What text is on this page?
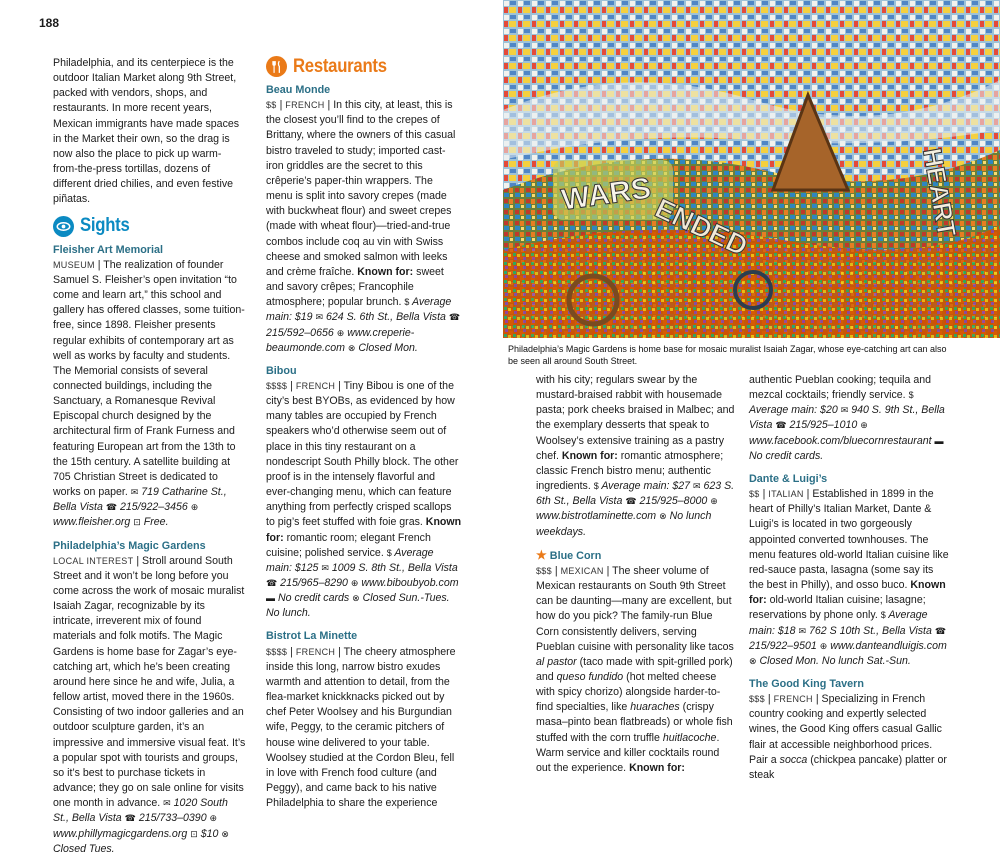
188

Philadelphia, and its centerpiece is the outdoor Italian Market along 9th Street, packed with vendors, shops, and restaurants. In more recent years, Mexican immigrants have made spaces in the Market their own, so the drag is now also the place to pick up warm-from-the-press tortillas, dozens of different dried chilies, and even festive piñatas.

Sights
Fleisher Art Memorial

MUSEUM | The realization of founder Samuel S. Fleisher’s open invitation “to come and learn art,” this school and gallery has offered classes, some tuition-free, since 1898. Fleisher presents regular exhibits of contemporary art as well as works by faculty and students. The Memorial consists of several connected buildings, including the Sanctuary, a Romanesque Revival Episcopal church designed by the architectural firm of Frank Furness and featuring European art from the 13th to the 15th century. A satellite building at 705 Christian Street is dedicated to works on paper. ✉ 719 Catharine St., Bella Vista ☎ 215/922–3456 ⊕ www.fleisher.org ⊡ Free.

Philadelphia’s Magic Gardens

LOCAL INTEREST | Stroll around South Street and it won’t be long before you come across the work of mosaic muralist Isaiah Zagar, recognizable by its intricate, irreverent mix of found materials and folk motifs. The Magic Gardens is home base for Zagar’s eye-catching art, which he’s been creating around here since he and wife, Julia, a fellow artist, moved there in the 1960s. Consisting of two indoor galleries and an outdoor sculpture garden, it’s an impressive and immersive visual feat. It’s a popular spot with tourists and groups, so it’s best to purchase tickets in advance; they go on sale online for visits one month in advance. ✉ 1020 South St., Bella Vista ☎ 215/733–0390 ⊕ www.phillymagicgardens.org ⊡ $10 ⊗ Closed Tues.

Restaurants
Beau Monde

$$ | FRENCH | In this city, at least, this is the closest you’ll find to the crepes of Brittany, where the owners of this casual bistro traveled to study; imported cast-iron griddles are the secret to this crêperie’s paper-thin wrappers. The menu is split into savory crepes (made with buckwheat flour) and sweet crepes (made with wheat flour)—tried-and-true combos include coq au vin with Swiss cheese and smoked salmon with leeks and crème fraîche. Known for: sweet and savory crêpes; Francophile atmosphere; popular brunch. $ Average main: $19 ✉ 624 S. 6th St., Bella Vista ☎ 215/592–0656 ⊕ www.creperie-beaumonde.com ⊗ Closed Mon.

Bibou

$$$$ | FRENCH | Tiny Bibou is one of the city’s best BYOBs, as evidenced by how many tables are occupied by French speakers who’d otherwise seem out of place in this tiny restaurant on a nondescript South Philly block. The other proof is in the intensely flavorful and ever-changing menu, which can feature anything from perfectly crisped scallops to pig’s feet stuffed with foie gras. Known for: romantic room; elegant French cuisine; polished service. $ Average main: $125 ✉ 1009 S. 8th St., Bella Vista ☎ 215/965–8290 ⊕ www.biboubyob.com ▬ No credit cards ⊗ Closed Sun.-Tues. No lunch.

Bistrot La Minette

$$$$ | FRENCH | The cheery atmosphere inside this long, narrow bistro exudes warmth and attention to detail, from the flea-market knickknacks picked out by chef Peter Woolsey and his Burgundian wife, Peggy, to the ceramic pitchers of house wine delivered to your table. Woolsey studied at the Cordon Bleu, fell in love with French food culture (and Peggy), and came back to his native Philadelphia to share the experience

WARS
ENDED	HEART
Philadelphia’s Magic Gardens is home base for mosaic muralist Isaiah Zagar, whose eye-catching art can also be seen all around South Street.

with his city; regulars swear by the mustard-braised rabbit with housemade pasta; pork cheeks braised in Malbec; and the exemplary desserts that speak to Woolsey’s extensive training as a pastry chef. Known for: romantic atmosphere; classic French bistro menu; authentic ingredients. $ Average main: $27 ✉ 623 S. 6th St., Bella Vista ☎ 215/925–8000 ⊕ www.bistrotlaminette.com ⊗ No lunch weekdays.

★ Blue Corn

$$$ | MEXICAN | The sheer volume of Mexican restaurants on South 9th Street can be daunting—many are excellent, but how do you pick? The family-run Blue Corn consistently delivers, serving Pueblan cuisine with personality like tacos al pastor (taco made with spit-grilled pork) and queso fundido (hot melted cheese with spicy chorizo) alongside harder-to-find specialties, like huaraches (crispy masa–pinto bean flatbreads) or whole fish stuffed with the corn truffle huitlacoche. Warm service and killer cocktails round out the experience. Known for:

authentic Pueblan cooking; tequila and mezcal cocktails; friendly service. $ Average main: $20 ✉ 940 S. 9th St., Bella Vista ☎ 215/925–1010 ⊕ www.facebook.com/bluecornrestaurant ▬ No credit cards.

Dante & Luigi’s

$$ | ITALIAN | Established in 1899 in the heart of Philly’s Italian Market, Dante & Luigi’s is located in two gorgeously appointed converted townhouses. The menu features old-world Italian cuisine like red-sauce pasta, lasagna (some say its the best in Philly), and osso buco. Known for: old-world Italian cuisine; lasagne; reservations by phone only. $ Average main: $18 ✉ 762 S 10th St., Bella Vista ☎ 215/922–9501 ⊕ www.danteandluigis.com ⊗ Closed Mon. No lunch Sat.-Sun.

The Good King Tavern

$$$ | FRENCH | Specializing in French country cooking and expertly selected wines, the Good King offers casual Gallic flair at accessible neighborhood prices. Pair a socca (chickpea pancake) platter or steak
